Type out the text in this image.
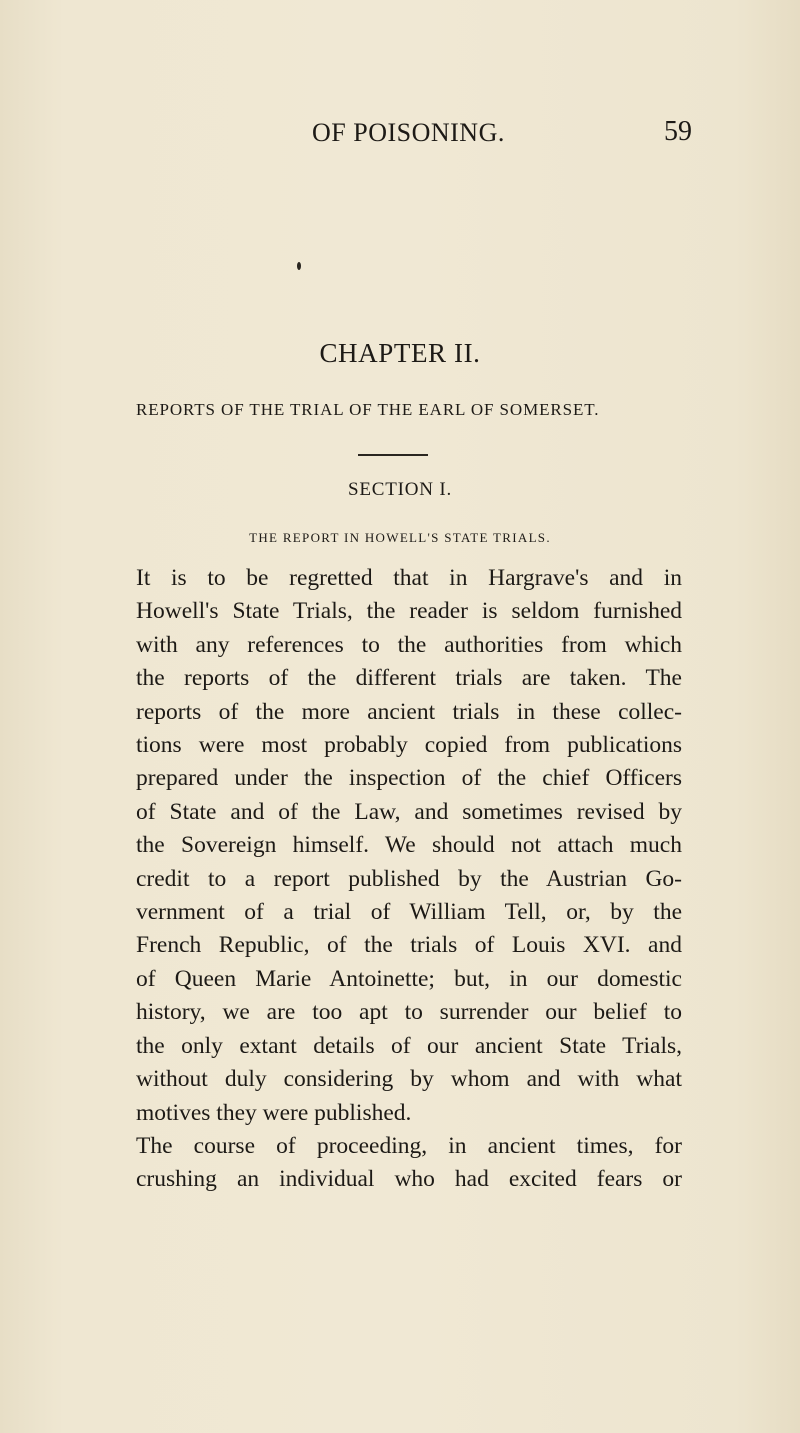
OF POISONING.	59
CHAPTER II.
REPORTS OF THE TRIAL OF THE EARL OF SOMERSET.
SECTION I.
THE REPORT IN HOWELL'S STATE TRIALS.
It is to be regretted that in Hargrave's and in
Howell's State Trials, the reader is seldom furnished
with any references to the authorities from which
the reports of the different trials are taken. The
reports of the more ancient trials in these collec-
tions were most probably copied from publications
prepared under the inspection of the chief Officers
of State and of the Law, and sometimes revised by
the Sovereign himself. We should not attach much
credit to a report published by the Austrian Go-
vernment of a trial of William Tell, or, by the
French Republic, of the trials of Louis XVI. and
of Queen Marie Antoinette; but, in our domestic
history, we are too apt to surrender our belief to
the only extant details of our ancient State Trials,
without duly considering by whom and with what
motives they were published.
The course of proceeding, in ancient times, for
crushing an individual who had excited fears or
